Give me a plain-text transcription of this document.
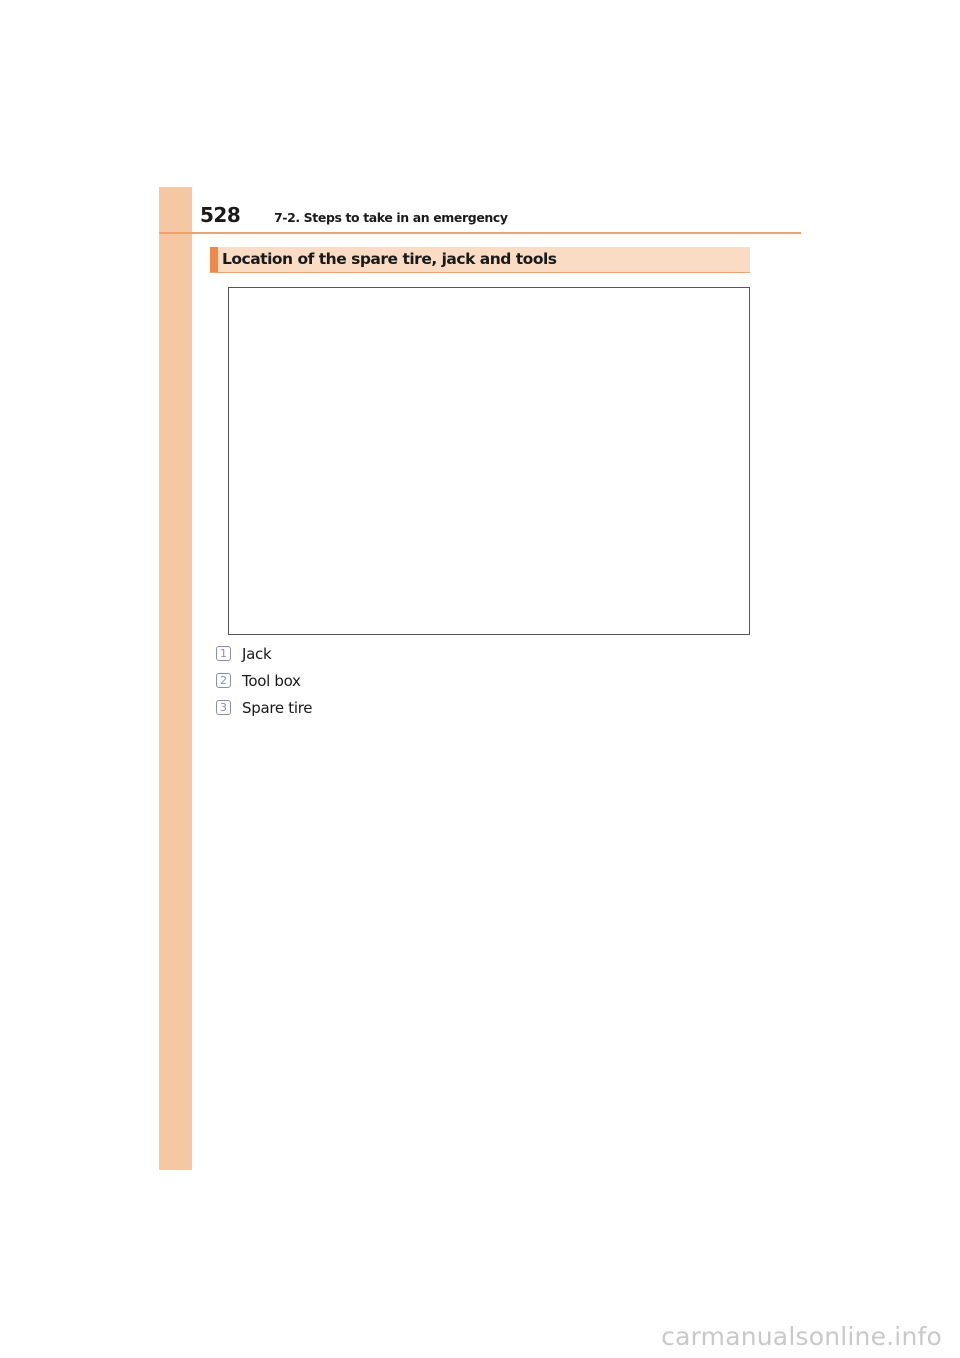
528	7-2. Steps to take in an emergency
Location of the spare tire, jack and tools
1 Jack
2 Tool box
3 Spare tire
carmanualsonline.info
